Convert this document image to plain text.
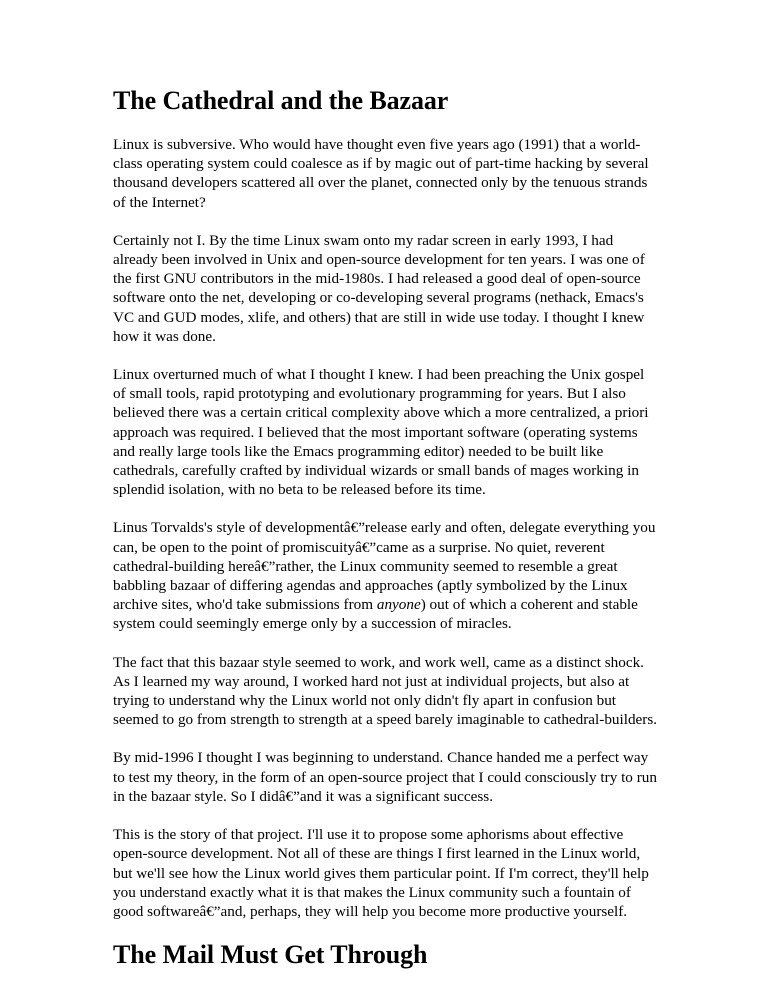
The Cathedral and the Bazaar

Linux is subversive. Who would have thought even five years ago (1991) that a world-class operating system could coalesce as if by magic out of part-time hacking by several thousand developers scattered all over the planet, connected only by the tenuous strands of the Internet?

Certainly not I. By the time Linux swam onto my radar screen in early 1993, I had already been involved in Unix and open-source development for ten years. I was one of the first GNU contributors in the mid-1980s. I had released a good deal of open-source software onto the net, developing or co-developing several programs (nethack, Emacs's VC and GUD modes, xlife, and others) that are still in wide use today. I thought I knew how it was done.

Linux overturned much of what I thought I knew. I had been preaching the Unix gospel of small tools, rapid prototyping and evolutionary programming for years. But I also believed there was a certain critical complexity above which a more centralized, a priori approach was required. I believed that the most important software (operating systems and really large tools like the Emacs programming editor) needed to be built like cathedrals, carefully crafted by individual wizards or small bands of mages working in splendid isolation, with no beta to be released before its time.

Linus Torvalds's style of developmentâ€”release early and often, delegate everything you can, be open to the point of promiscuityâ€”came as a surprise. No quiet, reverent cathedral-building hereâ€”rather, the Linux community seemed to resemble a great babbling bazaar of differing agendas and approaches (aptly symbolized by the Linux archive sites, who'd take submissions from anyone) out of which a coherent and stable system could seemingly emerge only by a succession of miracles.

The fact that this bazaar style seemed to work, and work well, came as a distinct shock. As I learned my way around, I worked hard not just at individual projects, but also at trying to understand why the Linux world not only didn't fly apart in confusion but seemed to go from strength to strength at a speed barely imaginable to cathedral-builders.

By mid-1996 I thought I was beginning to understand. Chance handed me a perfect way to test my theory, in the form of an open-source project that I could consciously try to run in the bazaar style. So I didâ€”and it was a significant success.

This is the story of that project. I'll use it to propose some aphorisms about effective open-source development. Not all of these are things I first learned in the Linux world, but we'll see how the Linux world gives them particular point. If I'm correct, they'll help you understand exactly what it is that makes the Linux community such a fountain of good softwareâ€”and, perhaps, they will help you become more productive yourself.

The Mail Must Get Through
